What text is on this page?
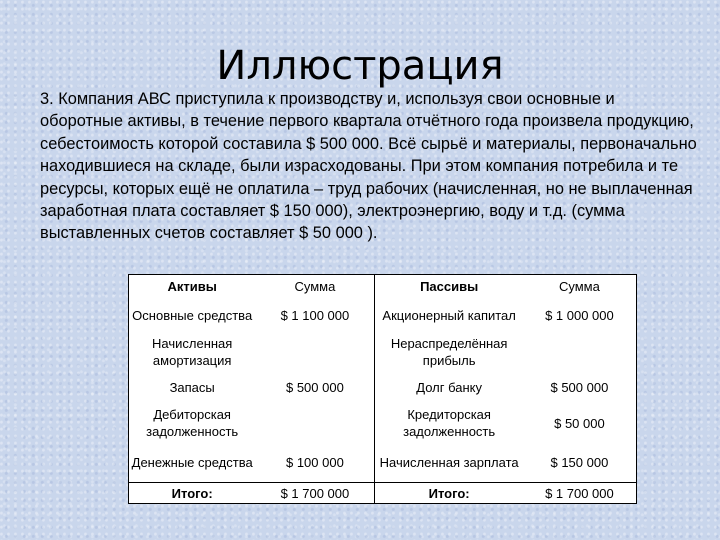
Иллюстрация

3. Компания АВС приступила к производству и, используя свои основные и оборотные активы, в течение первого квартала отчётного года произвела продукцию, себестоимость которой составила $ 500 000. Всё сырьё и материалы, первоначально находившиеся на складе, были израсходованы. При этом компания потребила и те ресурсы, которых ещё не оплатила – труд рабочих (начисленная, но не выплаченная заработная плата составляет $ 150 000), электроэнергию, воду и т.д. (сумма выставленных счетов составляет $ 50 000 ).

Активы	Сумма	Пассивы	Сумма
Основные средства	$ 1 100 000	Акционерный капитал	$ 1 000 000
Начисленная амортизация		Нераспределённая прибыль	
Запасы	$ 500 000	Долг банку	$ 500 000
Дебиторская задолженность		Кредиторская задолженность	$ 50 000
Денежные средства	$ 100 000	Начисленная зарплата	$ 150 000
Итого:	$ 1 700 000	Итого:	$ 1 700 000
